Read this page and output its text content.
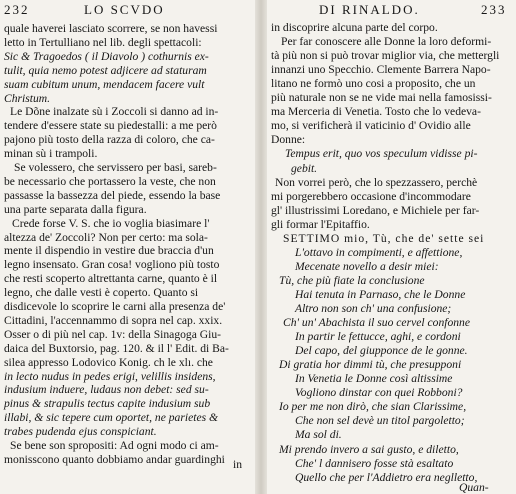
232	LO SCVDO
quale haverei lasciato scorrere, se non havessi
letto in Tertulliano nel lib. degli spettacoli:
Sic & Tragoedos ( il Diavolo ) cothurnis ex-
tulit, quia nemo potest adjicere ad staturam
suam cubitum unum, mendacem facere vult
Christum.
Le Dõne inalzate sù i Zoccoli si danno ad in-
tendere d'essere state su piedestalli: a me però
pajono più tosto della razza di coloro, che ca-
minan sù i trampoli.
Se volessero, che servissero per basi, sareb-
be necessario che portassero la veste, che non
passasse la bassezza del piede, essendo la base
una parte separata dalla figura.
Crede forse V. S. che io voglia biasimare l'
altezza de' Zoccoli? Non per certo: ma sola-
mente il dispendio in vestire due braccia d'un
legno insensato. Gran cosa! vogliono più tosto
che resti scoperto altrettanta carne, quanto è il
legno, che dalle vesti è coperto. Quanto si
disdicevole lo scoprire le carni alla presenza de'
Cittadini, l'accennammo di sopra nel cap. xxix.
Osser o di più nel cap. 1v: della Sinagoga Giu-
daica del Buxtorsio, pag. 120. & il l' Edit. di Ba-
silea appresso Lodovico Konig. ch le xlı. che
in lecto nudus in pedes erigi, velillis insidens,
indusium induere, ludaus non debet: sed su-
pinus & strapulis tectus capite indusium sub
illabi, & sic tepere cum oportet, ne parietes &
trabes pudenda ejus conspiciant.
Se bene son spropositi: Ad ogni modo ci am-
monisscono quanto dobbiamo andar guardinghi in
DI RINALDO.	233
in discoprire alcuna parte del corpo.
Per far conoscere alle Donne la loro deformi-
tà più non si può trovar miglior via, che mettergli
innanzi uno Specchio. Clemente Barrera Napo-
litano ne formò uno cosi a proposito, che un
più naturale non se ne vide mai nella famosissi-
ma Merceria di Venetia. Tosto che lo vedeva-
mo, si verificherà il vaticinio d' Ovidio alle
Donne:
Tempus erit, quo vos speculum vidisse pi-
gebit.
Non vorrei però, che lo spezzassero, perchè
mi porgerebbero occasione d'incommodare
gl' illustrissimi Loredano, e Michiele per far-
gli formar l'Epitaffio.
SETTIMO mio, Tù, che de' sette sei
L'ottavo in compimenti, e affettione,
Mecenate novello a desir miei:
Tù, che più fiate la conclusione
Hai tenuta in Parnaso, che le Donne
Altro non son ch' una confusione;
Ch' un' Abachista il suo cervel confonne
In partir le fettucce, aghi, e cordoni
Del capo, del giupponce de le gonne.
Di gratia hor dimmi tù, che presupponi
In Venetia le Donne così altissime
Vogliono dinstar con quei Robboni?
Io per me non dirò, che sian Clarissime,
Che non sel devè un titol pargoletto;
Ma sol di.
Mi prendo invero a sai gusto, e diletto,
Che' l dannisero fosse stà esaltato
Quello che per l'Addietro era neglletto,
Quan-
